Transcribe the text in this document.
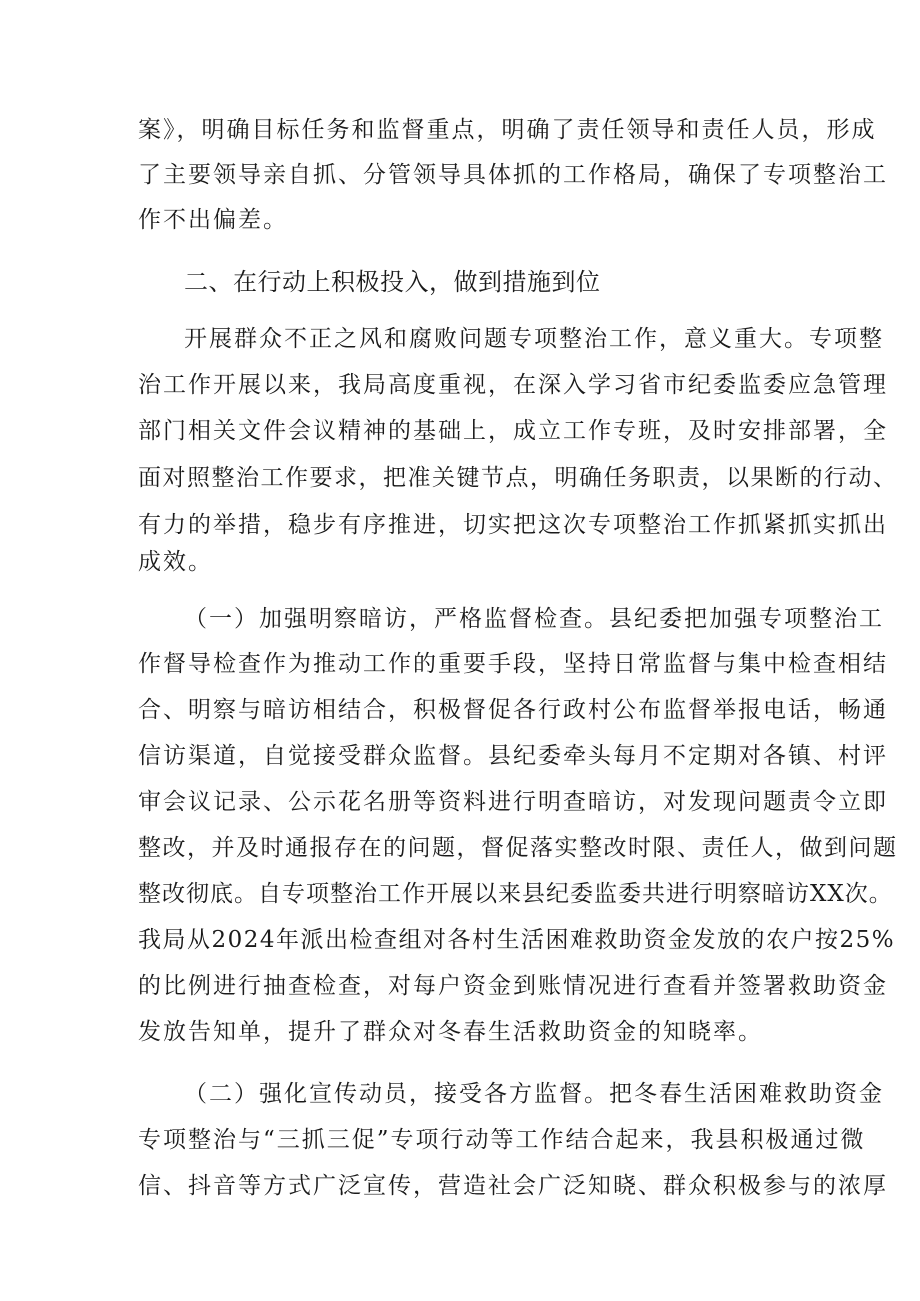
案》，明确目标任务和监督重点，明确了责任领导和责任人员，形成
了主要领导亲自抓、分管领导具体抓的工作格局，确保了专项整治工
作不出偏差。
二、在行动上积极投入，做到措施到位
开展群众不正之风和腐败问题专项整治工作，意义重大。专项整
治工作开展以来，我局高度重视，在深入学习省市纪委监委应急管理
部门相关文件会议精神的基础上，成立工作专班，及时安排部署，全
面对照整治工作要求，把准关键节点，明确任务职责，以果断的行动、
有力的举措，稳步有序推进，切实把这次专项整治工作抓紧抓实抓出
成效。
（一）加强明察暗访，严格监督检查。县纪委把加强专项整治工
作督导检查作为推动工作的重要手段，坚持日常监督与集中检查相结
合、明察与暗访相结合，积极督促各行政村公布监督举报电话，畅通
信访渠道，自觉接受群众监督。县纪委牵头每月不定期对各镇、村评
审会议记录、公示花名册等资料进行明查暗访，对发现问题责令立即
整改，并及时通报存在的问题，督促落实整改时限、责任人，做到问题
整改彻底。自专项整治工作开展以来县纪委监委共进行明察暗访XX次。
我局从2024年派出检查组对各村生活困难救助资金发放的农户按25%
的比例进行抽查检查，对每户资金到账情况进行查看并签署救助资金
发放告知单，提升了群众对冬春生活救助资金的知晓率。
（二）强化宣传动员，接受各方监督。把冬春生活困难救助资金
专项整治与“三抓三促”专项行动等工作结合起来，我县积极通过微
信、抖音等方式广泛宣传，营造社会广泛知晓、群众积极参与的浓厚
